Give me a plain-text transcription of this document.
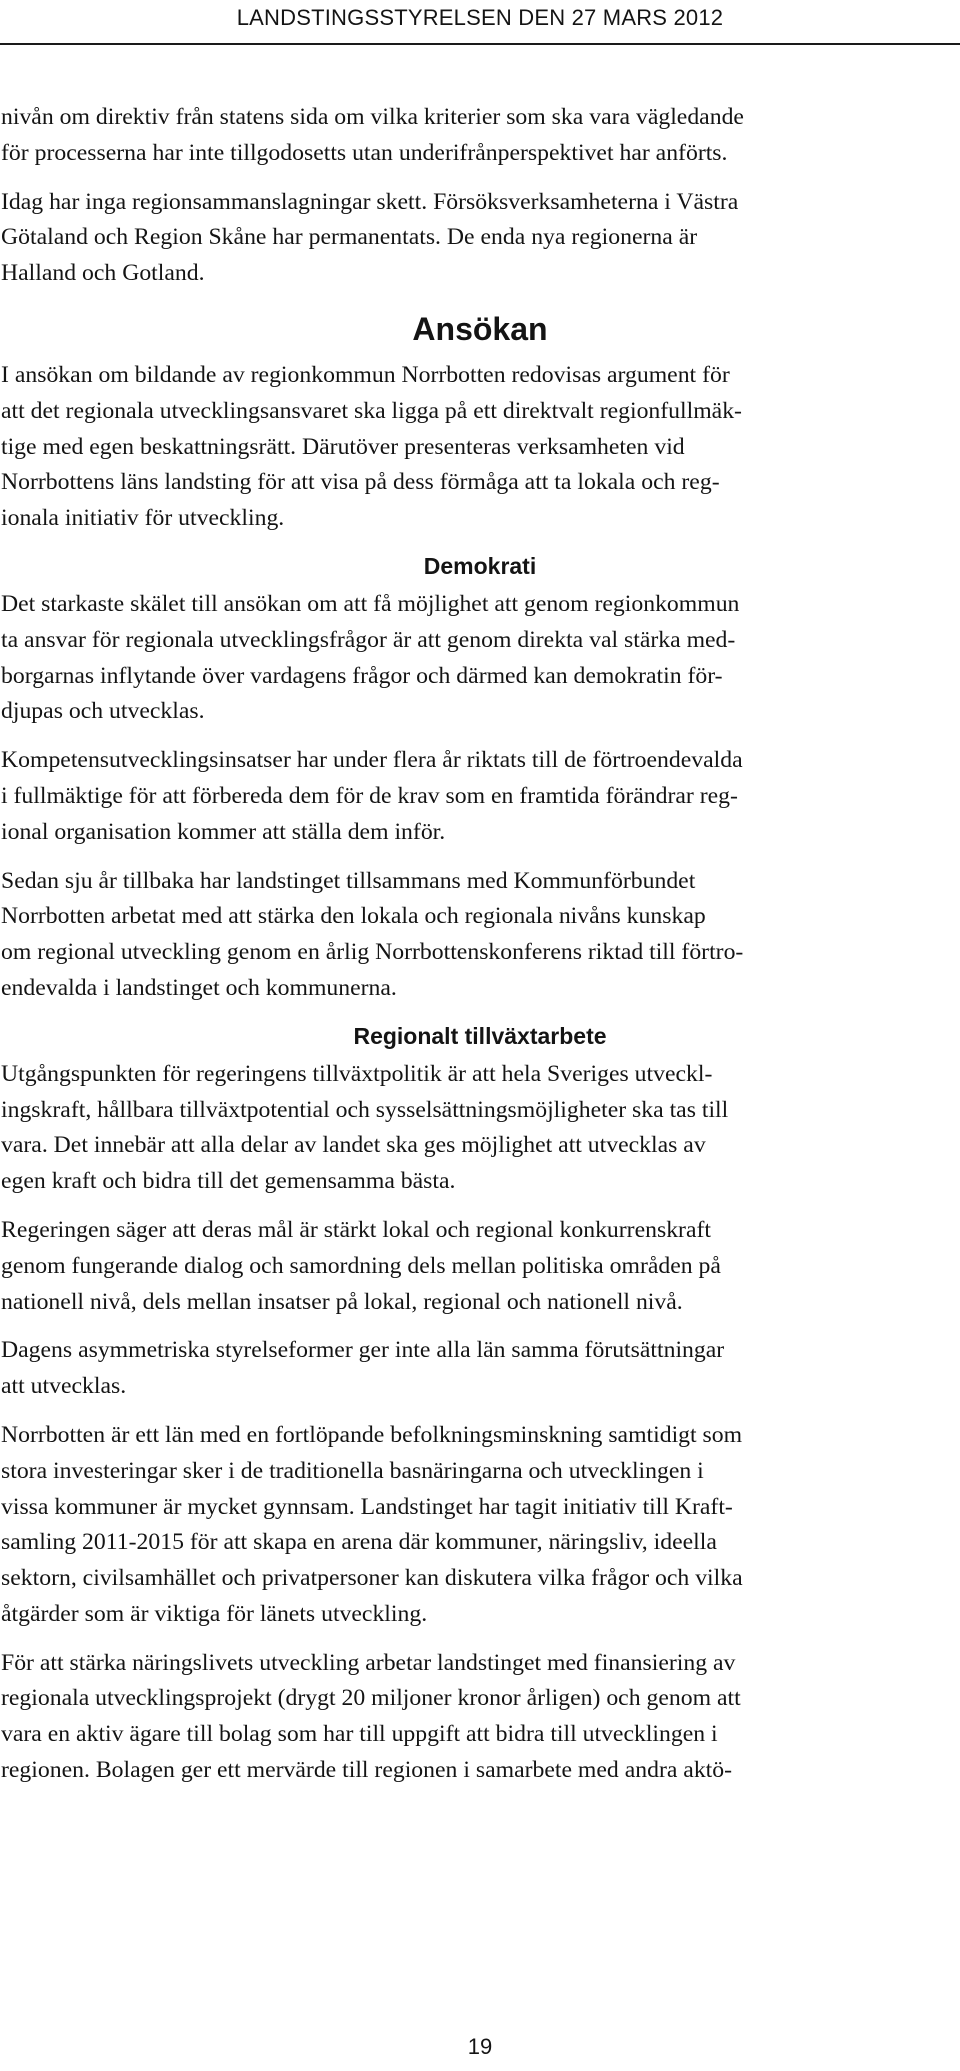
LANDSTINGSSTYRELSEN DEN 27 MARS 2012

nivån om direktiv från statens sida om vilka kriterier som ska vara vägledande
för processerna har inte tillgodosetts utan underifrånperspektivet har anförts.

Idag har inga regionsammanslagningar skett. Försöksverksamheterna i Västra
Götaland och Region Skåne har permanentats. De enda nya regionerna är
Halland och Gotland.

Ansökan

I ansökan om bildande av regionkommun Norrbotten redovisas argument för
att det regionala utvecklingsansvaret ska ligga på ett direktvalt regionfullmäk-
tige med egen beskattningsrätt. Därutöver presenteras verksamheten vid
Norrbottens läns landsting för att visa på dess förmåga att ta lokala och reg-
ionala initiativ för utveckling.

Demokrati

Det starkaste skälet till ansökan om att få möjlighet att genom regionkommun
ta ansvar för regionala utvecklingsfrågor är att genom direkta val stärka med-
borgarnas inflytande över vardagens frågor och därmed kan demokratin för-
djupas och utvecklas.

Kompetensutvecklingsinsatser har under flera år riktats till de förtroendevalda
i fullmäktige för att förbereda dem för de krav som en framtida förändrar reg-
ional organisation kommer att ställa dem inför.

Sedan sju år tillbaka har landstinget tillsammans med Kommunförbundet
Norrbotten arbetat med att stärka den lokala och regionala nivåns kunskap
om regional utveckling genom en årlig Norrbottenskonferens riktad till förtro-
endevalda i landstinget och kommunerna.

Regionalt tillväxtarbete

Utgångspunkten för regeringens tillväxtpolitik är att hela Sveriges utveckl-
ingskraft, hållbara tillväxtpotential och sysselsättningsmöjligheter ska tas till
vara. Det innebär att alla delar av landet ska ges möjlighet att utvecklas av
egen kraft och bidra till det gemensamma bästa.

Regeringen säger att deras mål är stärkt lokal och regional konkurrenskraft
genom fungerande dialog och samordning dels mellan politiska områden på
nationell nivå, dels mellan insatser på lokal, regional och nationell nivå.

Dagens asymmetriska styrelseformer ger inte alla län samma förutsättningar
att utvecklas.

Norrbotten är ett län med en fortlöpande befolkningsminskning samtidigt som
stora investeringar sker i de traditionella basnäringarna och utvecklingen i
vissa kommuner är mycket gynnsam. Landstinget har tagit initiativ till Kraft-
samling 2011-2015 för att skapa en arena där kommuner, näringsliv, ideella
sektorn, civilsamhället och privatpersoner kan diskutera vilka frågor och vilka
åtgärder som är viktiga för länets utveckling.

För att stärka näringslivets utveckling arbetar landstinget med finansiering av
regionala utvecklingsprojekt (drygt 20 miljoner kronor årligen) och genom att
vara en aktiv ägare till bolag som har till uppgift att bidra till utvecklingen i
regionen. Bolagen ger ett mervärde till regionen i samarbete med andra aktö-

19
